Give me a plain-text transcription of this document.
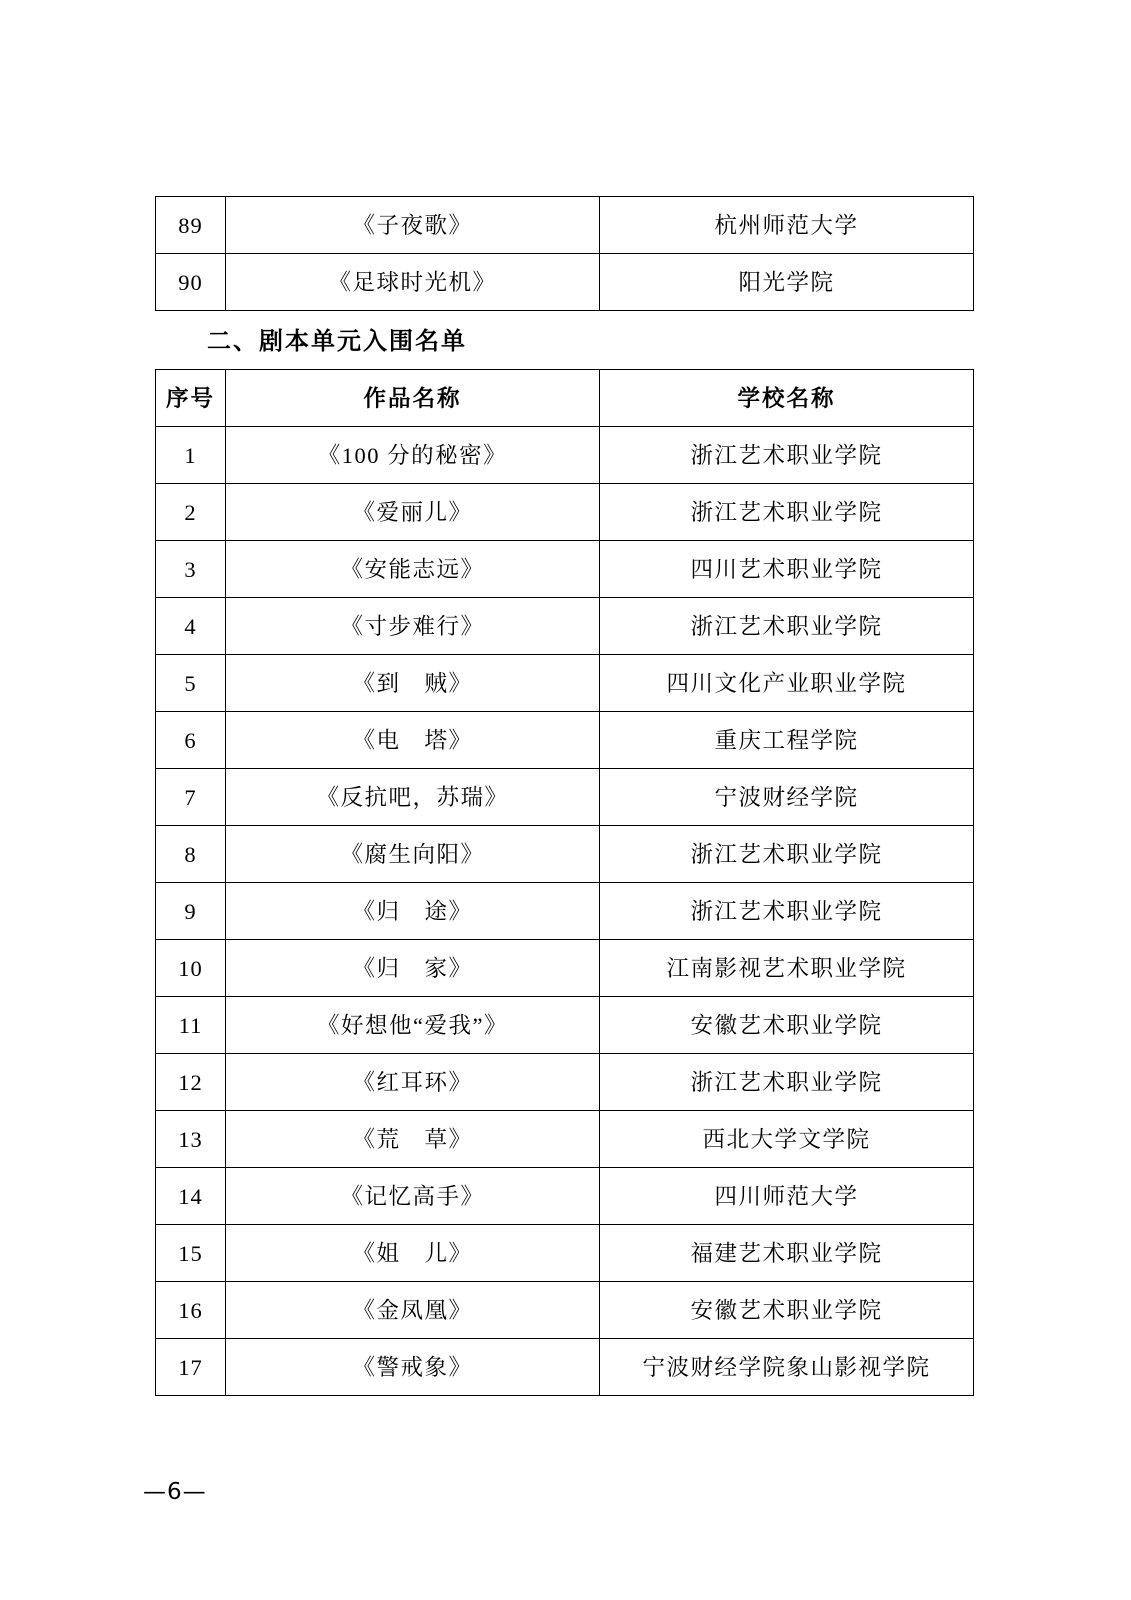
89	《子夜歌》	杭州师范大学
90	《足球时光机》	阳光学院
二、剧本单元入围名单
序号	作品名称	学校名称
1	《100 分的秘密》	浙江艺术职业学院
2	《爱丽儿》	浙江艺术职业学院
3	《安能志远》	四川艺术职业学院
4	《寸步难行》	浙江艺术职业学院
5	《到　贼》	四川文化产业职业学院
6	《电　塔》	重庆工程学院
7	《反抗吧，苏瑞》	宁波财经学院
8	《腐生向阳》	浙江艺术职业学院
9	《归　途》	浙江艺术职业学院
10	《归　家》	江南影视艺术职业学院
11	《好想他“爱我”》	安徽艺术职业学院
12	《红耳环》	浙江艺术职业学院
13	《荒　草》	西北大学文学院
14	《记忆高手》	四川师范大学
15	《姐　儿》	福建艺术职业学院
16	《金凤凰》	安徽艺术职业学院
17	《警戒象》	宁波财经学院象山影视学院
—6—
